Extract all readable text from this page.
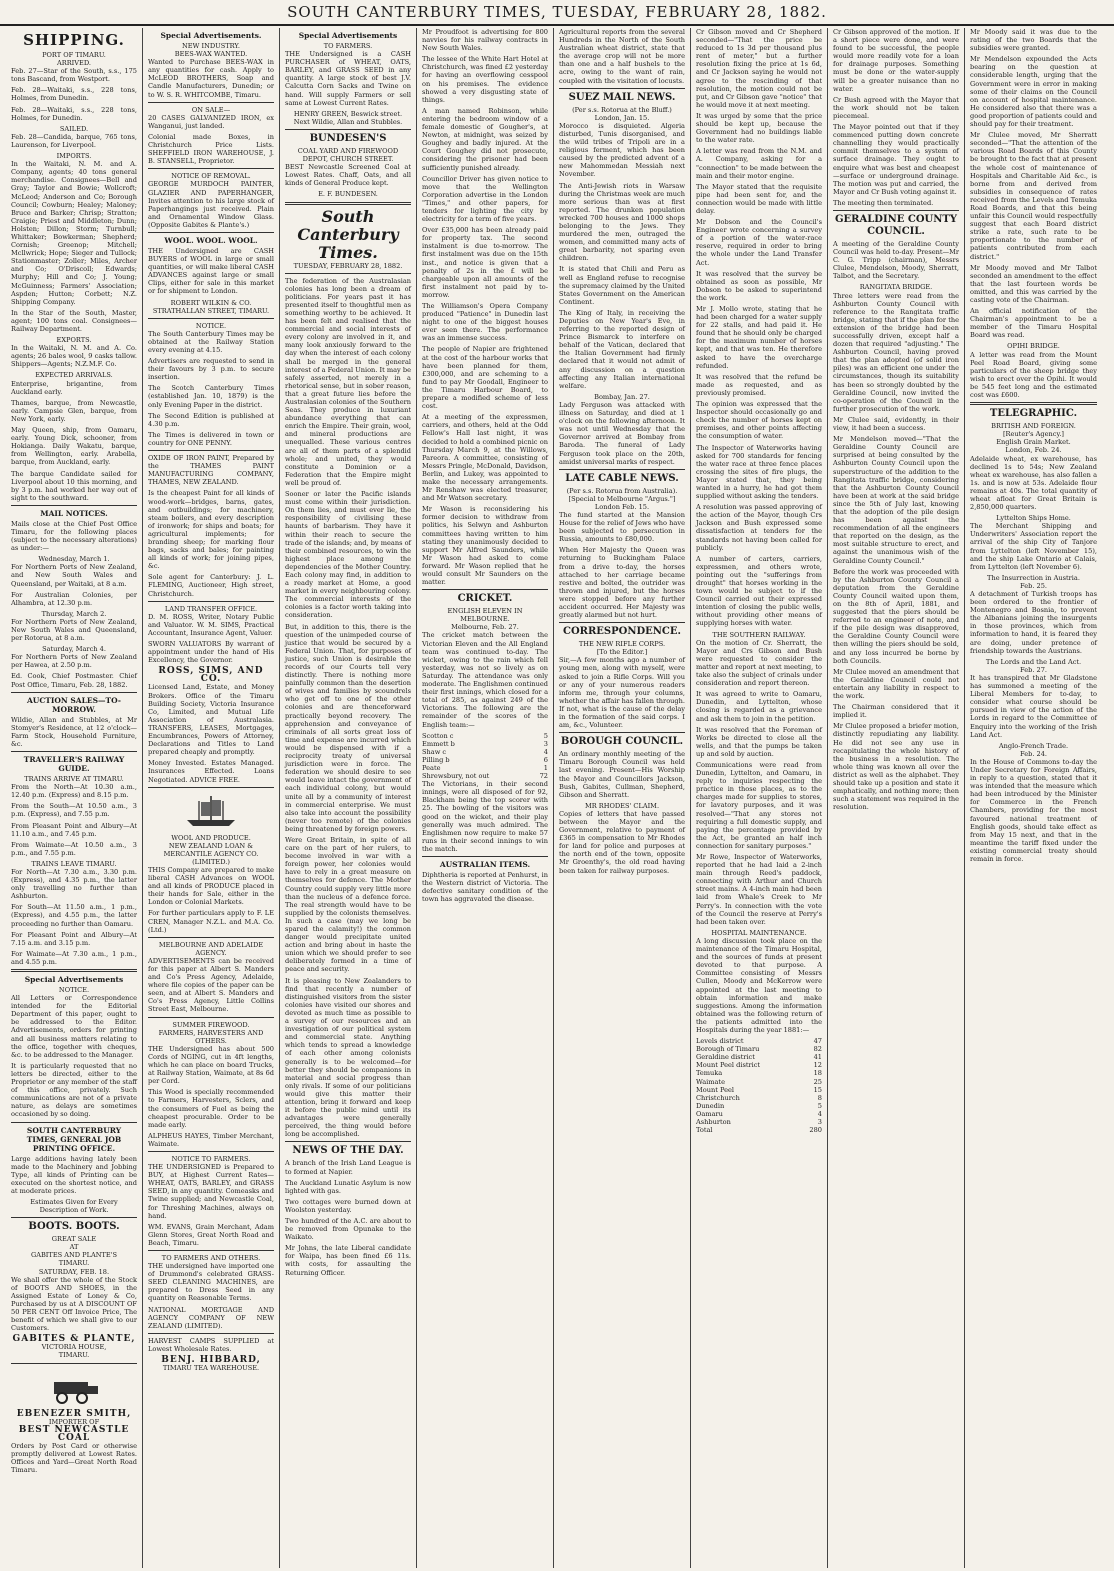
SOUTH CANTERBURY TIMES, TUESDAY, FEBRUARY 28, 1882.
SHIPPING.
PORT OF TIMARU.
ARRIVED.
Feb. 27—Star of the South, s.s., 175 tons Bascand, from Westport.
Feb. 28—Waitaki, s.s., 228 tons, Holmes, from Dunedin.
Feb. 28—Waitaki, s.s., 228 tons, Holmes, for Dunedin.
SAILED.
Feb. 28—Candida, barque, 765 tons, Laurenson, for Liverpool.
IMPORTS.
In the Waitaki, N. M. and A. Company, agents; 40 tons general merchandise. Consignees—Bell and Gray; Taylor and Bowie; Wollcroft; McLeod; Anderson and Co; Borough Council; Cowburn; Healey; Maloney; Bruce and Barker; Chrisp; Stratton; Craigie; Priest and Middleton; Dunn; Holsten; Dillon; Storm; Turnbull; Whittaker; Bowkerman; Shepherd; Cornish; Greenop; Mitchell; Mcllwrick; Hope; Sieger and Tullock; Stationmaster; Zoller; Miles, Archer and Co; O'Driscoll; Edwards; Murphy; Hill and Co; J. Young; McGuinness; Farmers' Association; Aspden; Hutton; Corbett; N.Z. Shipping Company.
In the Star of the South, Master, agent; 100 tons coal. Consignees—Railway Department.
EXPORTS.
In the Waitaki, N. M. and A. Co. agents; 26 bales wool, 9 casks tallow. Shippers—Agents; N.Z.M.F. Co.
EXPECTED ARRIVALS.
Enterprise, brigantine, from Auckland early.
Thames, barque, from Newcastle, early. Campsie Glen, barque, from New York, early.
May Queen, ship, from Oamaru, early. Young Dick, schooner, from Hokianga. Daily Wakatu, barque, from Wellington, early. Arabella, barque, from Auckland, early.
The barque Candidate sailed for Liverpool about 10 this morning, and by 3 p.m. had worked her way out of sight to the southward.
MAIL NOTICES.
Mails close at the Chief Post Office Timaru, for the following places (subject to the necessary alterations) as under:—
Wednesday, March 1.
For Northern Ports of New Zealand, and New South Wales and Queensland, per Waitaki, at 8 a.m.
For Australian Colonies, per Alhambra, at 12.30 p.m.
Thursday, March 2.
For Northern Ports of New Zealand, New South Wales and Queensland, per Rotorua, at 8 a.m.
Saturday, March 4.
For Northern Ports of New Zealand per Hawea, at 2.50 p.m.
Ed. Cook, Chief Postmaster. Chief Post Office, Timaru, Feb. 28, 1882.
AUCTION SALES—TO-MORROW.
Wildie, Allan and Stubbles, at Mr Stomyer's Residence, at 12 o'clock—Farm Stock, Household Furniture, &c.
TRAVELLER'S RAILWAY GUIDE.
TRAINS ARRIVE AT TIMARU.
From the North—At 10.30 a.m., 12.40 p.m. (Express) and 8.15 p.m.
From the South—At 10.50 a.m., 3 p.m. (Express), and 7.55 p.m.
From Pleasant Point and Albury—At 11.10 a.m., and 7.45 p.m.
From Waimate—At 10.50 a.m., 3 p.m., and 7.55 p.m.
TRAINS LEAVE TIMARU.
For North—At 7.30 a.m., 3.30 p.m. (Express), and 4.35 p.m., the latter only travelling no further than Ashburton.
For South—At 11.50 a.m., 1 p.m., (Express), and 4.55 p.m., the latter proceeding no further than Oamaru.
For Pleasant Point and Albury—At 7.15 a.m. and 3.15 p.m.
For Waimate—At 7.30 a.m., 1 p.m., and 4.55 p.m.
Special Advertisements
NOTICE.
All Letters or Correspondence intended for the Editorial Department of this paper, ought to be addressed to the Editor. Advertisements, orders for printing and all business matters relating to the office, together with cheques, &c. to be addressed to the Manager.
It is particularly requested that no letters be directed, either to the Proprietor or any member of the staff of this office, privately. Such communications are not of a private nature, as delays are sometimes occasioned by so doing.
SOUTH CANTERBURY TIMES, GENERAL JOB PRINTING OFFICE.
Large additions having lately been made to the Machinery and Jobbing Type, all kinds of Printing can be executed on the shortest notice, and at moderate prices.
Estimates Given for Every Description of Work.
BOOTS. BOOTS.
GREAT SALE
AT
GABITES AND PLANTE'S
TIMARU.
SATURDAY, FEB. 18.
We shall offer the whole of the Stock of BOOTS AND SHOES, in the Assigned Estate of Loney & Co, Purchased by us at A DISCOUNT OF 50 PER CENT Off Invoice Price, The benefit of which we shall give to our Customers.
GABITES & PLANTE,
VICTORIA HOUSE,
TIMARU.
EBENEZER SMITH,
IMPORTER OF
BEST NEWCASTLE COAL
Orders by Post Card or otherwise promptly delivered at Lowest Rates. Offices and Yard—Great North Road Timaru.
Special Advertisements.
NEW INDUSTRY.
BEES-WAX WANTED.
Wanted to Purchase BEES-WAX in any quantities for cash. Apply to McLEOD BROTHERS, Soap and Candle Manufacturers, Dunedin; or to W. S. R. WHITCOMBE, Timaru.
ON SALE—
20 CASES GALVANIZED IRON, ex Wanganui, just landed.
Colonial made Boxes, in Christchurch Price Lists. SHEFFIELD IRON WAREHOUSE, J. B. STANSELL, Proprietor.
NOTICE OF REMOVAL.
GEORGE MURDOCH PAINTER, GLAZIER AND PAPERHANGER, Invites attention to his large stock of Paperhangings just received. Plain and Ornamental Window Glass. (Opposite Gabites & Plante's.)
WOOL. WOOL. WOOL.
THE Undersigned are CASH BUYERS of WOOL in large or small quantities, or will make liberal CASH ADVANCES against large or small Clips, either for sale in this market or for shipment to London.
ROBERT WILKIN & CO. STRATHALLAN STREET, TIMARU.
NOTICE.
The South Canterbury Times may be obtained at the Railway Station every evening at 4.15.
Advertisers are requested to send in their favours by 3 p.m. to secure insertion.
The Scotch Canterbury Times (established Jan. 10, 1879) is the only Evening Paper in the district.
The Second Edition is published at 4.30 p.m.
The Times is delivered in town or country for ONE PENNY.
OXIDE OF IRON PAINT, Prepared by the THAMES PAINT MANUFACTURING COMPANY, THAMES, NEW ZEALAND.
Is the cheapest Paint for all kinds of wood-work—bridges, barns, gates, and outbuildings; for machinery, steam boilers, and every description of ironwork; for ships and boats; for agricultural implements; for branding sheep; for marking flour bags, sacks and bales; for painting all kinds of work; for joining pipes, &c.
Sole agent for Canterbury: J. L. FLEMING, Auctioneer, High street, Christchurch.
LAND TRANSFER OFFICE.
D. M. ROSS, Writer, Notary Public and Valuator. W. M. SIMS, Practical Accountant, Insurance Agent, Valuer.
SWORN VALUATORS By warrant of appointment under the hand of His Excellency, the Governor.
ROSS, SIMS, AND CO.
Licensed Land, Estate, and Money Brokers. Office of the Timaru Building Society, Victoria Insurance Co, Limited, and Mutual Life Association of Australasia. TRANSFERS, LEASES, Mortgages, Encumbrances, Powers of Attorney, Declarations and Titles to Land prepared cheaply and promptly.
Money Invested. Estates Managed. Insurances Effected. Loans Negotiated. ADVICE FREE.
WOOL AND PRODUCE.
NEW ZEALAND LOAN & MERCANTILE AGENCY CO. (LIMITED.)
THIS Company are prepared to make liberal CASH Advances on WOOL and all kinds of PRODUCE placed in their hands for Sale, either in the London or Colonial Markets.
For further particulars apply to F. LE CREN, Manager N.Z.L. and M.A. Co. (Ltd.)
MELBOURNE AND ADELAIDE AGENCY.
ADVERTISEMENTS can be received for this paper at Albert S. Manders and Co's Press Agency, Adelaide, where file copies of the paper can be seen, and at Albert S. Manders and Co's Press Agency, Little Collins Street East, Melbourne.
SUMMER FIREWOOD.
FARMERS, HARVESTERS AND OTHERS.
THE Undersigned has about 500 Cords of NGING, cut in 4ft lengths, which he can place on board Trucks, at Railway Station, Waimate, at 8s 6d per Cord.
This Wood is specially recommended to Farmers, Harvesters, Sclers, and the consumers of Fuel as being the cheapest procurable. Order to be made early.
ALPHEUS HAYES, Timber Merchant, Waimate.
NOTICE TO FARMERS.
THE UNDERSIGNED is Prepared to BUY, at Highest Current Rates—WHEAT, OATS, BARLEY, and GRASS SEED, in any quantity. Comeasks and Twine supplied; and Newcastle Coal, for Threshing Machines, always on hand.
WM. EVANS, Grain Merchant, Adam Glenn Stores, Great North Road and Beach, Timaru.
TO FARMERS AND OTHERS.
THE undersigned have imported one of Drummond's celebrated GRASS-SEED CLEANING MACHINES, are prepared to Dress Seed in any quantity on Reasonable Terms.
NATIONAL MORTGAGE AND AGENCY COMPANY OF NEW ZEALAND (LIMITED).
HARVEST CAMPS SUPPLIED at Lowest Wholesale Rates.
BENJ. HIBBARD,
TIMARU TEA WAREHOUSE.
Special Advertisements
TO FARMERS.
THE Undersigned is a CASH PURCHASER of WHEAT, OATS, BARLEY, and GRASS SEED in any quantity. A large stock of best J.V. Calcutta Corn Sacks and Twine on hand. Will supply Farmers or sell same at Lowest Current Rates.
HENRY GREEN, Beswick street. Next Wildie, Allan and Stubbles.
BUNDESEN'S
COAL YARD AND FIREWOOD DEPOT, CHURCH STREET.
BEST Newcastle Screened Coal at Lowest Rates. Chaff, Oats, and all kinds of General Produce kept.
E. F. BUNDESEN.
South Canterbury Times.
TUESDAY, FEBRUARY 28, 1882.
The federation of the Australasian colonies has long been a dream of politicians. For years past it has presented itself to thoughtful men as something worthy to be achieved. It has been felt and realised that the commercial and social interests of every colony are involved in it, and many look anxiously forward to the day when the interest of each colony shall be merged in the general interest of a Federal Union. It may be safely asserted, not merely in a rhetorical sense, but in sober reason, that a great future lies before the Australasian colonies of the Southern Seas. They produce in luxuriant abundance everything that can enrich the Empire. Their grain, wool, and mineral productions are unequalled. These various centres are all of them parts of a splendid whole; and united, they would constitute a Dominion or a Federation that the Empire might well be proud of.
Sooner or later the Pacific islands must come within their jurisdiction. On them lies, and must ever lie, the responsibility of civilising these haunts of barbarism. They have it within their reach to secure the trade of the islands; and, by means of their combined resources, to win the highest place among the dependencies of the Mother Country. Each colony may find, in addition to a ready market at Home, a good market in every neighbouring colony. The commercial interests of the colonies is a factor worth taking into consideration.
But, in addition to this, there is the question of the unimpeded course of justice that would be secured by a Federal Union. That, for purposes of justice, such Union is desirable the records of our Courts tell very distinctly. There is nothing more painfully common than the desertion of wives and families by scoundrels who get off to one of the other colonies and are thenceforward practically beyond recovery. The apprehension and conveyance of criminals of all sorts great loss of time and expense are incurred which would be dispensed with if a reciprocity treaty of universal jurisdiction were in force. The federation we should desire to see would leave intact the government of each individual colony, but would unite all by a community of interest in commercial enterprise. We must also take into account the possibility (never too remote) of the colonies being threatened by foreign powers.
Were Great Britain, in spite of all care on the part of her rulers, to become involved in war with a foreign power, her colonies would have to rely in a great measure on themselves for defence. The Mother Country could supply very little more than the nucleus of a defence force. The real strength would have to be supplied by the colonists themselves. In such a case (may we long be spared the calamity!) the common danger would precipitate united action and bring about in haste the union which we should prefer to see deliberately formed in a time of peace and security.
It is pleasing to New Zealanders to find that recently a number of distinguished visitors from the sister colonies have visited our shores and devoted as much time as possible to a survey of our resources and an investigation of our political system and commercial state. Anything which tends to spread a knowledge of each other among colonists generally is to be welcomed—for better they should be companions in material and social progress than only rivals. If some of our politicians would give this matter their attention, bring it forward and keep it before the public mind until its advantages were generally perceived, the thing would before long be accomplished.
NEWS OF THE DAY.
A branch of the Irish Land League is to formed at Napier.
The Auckland Lunatic Asylum is now lighted with gas.
Two cottages were burned down at Woolston yesterday.
Two hundred of the A.C. are about to be removed from Opunake to the Waikato.
Mr Johns, the late Liberal candidate for Waipa, has been fined £6 11s. with costs, for assaulting the Returning Officer.
Mr Proudfoot is advertising for 800 navvies for his railway contracts in New South Wales.
The lessee of the White Hart Hotel at Christchurch, was fined £2 yesterday for having an overflowing cesspool on his premises. The evidence showed a very disgusting state of things.
A man named Robinson, while entering the bedroom window of a female domestic of Gougher's, at Newton, at midnight, was seized by Goughey and badly injured. At the Court Goughey did not prosecute, considering the prisoner had been sufficiently punished already.
Councillor Driver has given notice to move that the Wellington Corporation advertise in the London "Times," and other papers, for tenders for lighting the city by electricity for a term of five years.
Over £35,000 has been already paid for property tax. The second instalment is due to-morrow. The first instalment was due on the 15th inst., and notice is given that a penalty of 2s in the £ will be chargeable upon all amounts of the first instalment not paid by to-morrow.
The Williamson's Opera Company produced "Patience" in Dunedin last night to one of the biggest houses ever seen there. The performance was an immense success.
The people of Napier are frightened at the cost of the harbour works that have been planned for them, £300,000, and are scheming to a fund to pay Mr Goodall, Engineer to the Timaru Harbour Board, to prepare a modified scheme of less cost.
At a meeting of the expressmen, carriers, and others, held at the Odd Fellow's Hall last night, it was decided to hold a combined picnic on Thursday March 9, at the Willows, Pareora. A committee, consisting of Messrs Pringle, McDonald, Davidson, Berlin, and Lukey, was appointed to make the necessary arrangements. Mr Renshaw was elected treasurer, and Mr Watson secretary.
Mr Wason is reconsidering his former decision to withdraw from politics, his Selwyn and Ashburton committees having written to him stating they unanimously decided to support Mr Alfred Saunders, while Mr Wason had asked to come forward. Mr Wason replied that he would consult Mr Saunders on the matter.
CRICKET.
ENGLISH ELEVEN IN MELBOURNE.
Melbourne, Feb. 27.
The cricket match between the Victorian Eleven and the All England team was continued to-day. The wicket, owing to the rain which fell yesterday, was not so lively as on Saturday. The attendance was only moderate. The Englishmen continued their first innings, which closed for a total of 285, as against 249 of the Victorians. The following are the remainder of the scores of the English team:—
Scotton c	5
Emmett b	3
Shaw c	4
Pilling b	6
Peate	1
Shrewsbury, not out	72
The Victorians, in their second innings, were all disposed of for 92, Blackham being the top scorer with 25. The bowling of the visitors was good on the wicket, and their play generally was much admired. The Englishmen now require to make 57 runs in their second innings to win the match.
AUSTRALIAN ITEMS.
Diphtheria is reported at Penhurst, in the Western district of Victoria. The defective sanitary condition of the town has aggravated the disease.
Agricultural reports from the several Hundreds in the North of the South Australian wheat district, state that the average crop will not be more than one and a half bushels to the acre, owing to the want of rain, coupled with the visitation of locusts.
SUEZ MAIL NEWS.
(Per s.s. Rotorua at the Bluff.)
London, Jan. 15.
Morocco is disquieted. Algeria disturbed, Tunis disorganised, and the wild tribes of Tripoli are in a religious ferment, which has been caused by the predicted advent of a new Mahommedan Messiah next November.
The Anti-Jewish riots in Warsaw during the Christmas week are much more serious than was at first reported. The drunken population wrecked 700 houses and 1000 shops belonging to the Jews. They murdered the men, outraged the women, and committed many acts of great barbarity, not sparing even children.
It is stated that Chili and Peru as well as England refuse to recognise the supremacy claimed by the United States Government on the American Continent.
The King of Italy, in receiving the Deputies on New Year's Eve, in referring to the reported design of Prince Bismarck to interfere on behalf of the Vatican, declared that the Italian Government had firmly declared that it would not admit of any discussion on a question affecting any Italian international welfare.
Bombay, Jan. 27.
Lady Ferguson was attacked with illness on Saturday, and died at 1 o'clock on the following afternoon. It was not until Wednesday that the Governor arrived at Bombay from Baroda. The funeral of Lady Ferguson took place on the 20th, amidst universal marks of respect.
LATE CABLE NEWS.
(Per s.s. Rotorua from Australia).
[Special to Melbourne "Argus."]
London Feb. 15.
The fund started at the Mansion House for the relief of Jews who have been subjected to persecution in Russia, amounts to £80,000.
When Her Majesty the Queen was returning to Buckingham Palace from a drive to-day, the horses attached to her carriage became restive and bolted, the outrider was thrown and injured, but the horses were stopped before any further accident occurred. Her Majesty was greatly alarmed but not hurt.
CORRESPONDENCE.
THE NEW RIFLE CORPS.
[To the Editor.]
Sir,—A few months ago a number of young men, along with myself, were asked to join a Rifle Corps. Will you or any of your numerous readers inform me, through your columns, whether the affair has fallen through. If not, what is the cause of the delay in the formation of the said corps. I am, &c., Volunteer.
BOROUGH COUNCIL.
An ordinary monthly meeting of the Timaru Borough Council was held last evening. Present—His Worship the Mayor and Councillors Jackson, Bush, Gabites, Cullman, Shepherd, Gibson and Sherratt.
MR RHODES' CLAIM.
Copies of letters that have passed between the Mayor and the Government, relative to payment of £365 in compensation to Mr Rhodes for land for police and purposes at the north end of the town, opposite Mr Groenthy's, the old road having been taken for railway purposes.
Cr Gibson moved and Cr Shepherd seconded—"That the price be reduced to 1s 3d per thousand plus rent of meter," but a further resolution fixing the price at 1s 6d, and Cr Jackson saying he would not agree to the rescinding of that resolution, the motion could not be put, and Cr Gibson gave "notice" that he would move it at next meeting.
It was urged by some that the price should be kept up, because the Government had no buildings liable to the water rate.
A letter was read from the N.M. and A. Company, asking for a "connection" to be made between the main and their motor engine.
The Mayor stated that the requisite pipe had been sent for, and the connection would be made with little delay.
Mr Dobson and the Council's Engineer wrote concerning a survey of a portion of the water-race reserve, required in order to bring the whole under the Land Transfer Act.
It was resolved that the survey be obtained as soon as possible, Mr Dobson to be asked to superintend the work.
Mr J. Mollo wrote, stating that he had been charged for a water supply for 22 stalls, and had paid it. He found that he should only be charged for the maximum number of horses kept, and that was ten. He therefore asked to have the overcharge refunded.
It was resolved that the refund be made as requested, and as previously promised.
The opinion was expressed that the Inspector should occasionally go and check the number of horses kept on premises, and other points affecting the consumption of water.
The Inspector of Waterworks having asked for 700 standards for fencing the water race at three fence places crossing the sites of fire plugs, the Mayor stated that, they being wanted in a hurry, he had got them supplied without asking the tenders.
A resolution was passed approving of the action of the Mayor, though Crs Jackson and Bush expressed some dissatisfaction at tenders for the standards not having been called for publicly.
A number of carters, carriers, expressmen, and others wrote, pointing out the "sufferings from drought" that horses working in the town would be subject to if the Council carried out their expressed intention of closing the public wells, without providing other means of supplying horses with water.
THE SOUTHERN RAILWAY.
On the motion of Cr. Sherratt, the Mayor and Crs Gibson and Bush were requested to consider the matter and report at next meeting, to take also the subject of crinals under consideration and report thereon.
It was agreed to write to Oamaru, Dunedin, and Lyttelton, whose closing is regarded as a grievance and ask them to join in the petition.
It was resolved that the Foreman of Works be directed to close all the wells, and that the pumps be taken up and sold by auction.
Communications were read from Dunedin, Lyttelton, and Oamaru, in reply to inquiries respecting the practice in those places, as to the charges made for supplies to stores, for lavatory purposes, and it was resolved—"That any stores not requiring a full domestic supply, and paying the percentage provided by the Act, be granted an half inch connection for sanitary purposes."
Mr Rowe, Inspector of Waterworks, reported that he had laid a 2-inch main through Reed's paddock, connecting with Arthur and Church street mains. A 4-inch main had been laid from Whale's Creek to Mr Perry's. In connection with the vote of the Council the reserve at Perry's had been taken over.
HOSPITAL MAINTENANCE.
A long discussion took place on the maintenance of the Timaru Hospital, and the sources of funds at present devoted to that purpose. A Committee consisting of Messrs Cullen, Moody and McKerrow were appointed at the last meeting to obtain information and make suggestions. Among the information obtained was the following return of the patients admitted into the Hospitals during the year 1881:—
Levels district	47
Borough of Timaru	82
Geraldine district	41
Mount Peel district	12
Temuka	18
Waimate	25
Mount Peel	15
Christchurch	8
Dunedin	5
Oamaru	4
Ashburton	3
Total	280
Cr Gibson approved of the motion. If a short piece were done, and were found to be successful, the people would more readily vote for a loan for drainage purposes. Something must be done or the water-supply will be a greater nuisance than no water.
Cr Bush agreed with the Mayor that the work should not be taken piecemeal.
The Mayor pointed out that if they commenced putting down concrete channelling they would practically commit themselves to a system of surface drainage. They ought to enquire what was best and cheapest—surface or underground drainage. The motion was put and carried, the Mayor and Cr Bush voting against it.
The meeting then terminated.
GERALDINE COUNTY COUNCIL.
A meeting of the Geraldine County Council was held to-day. Present—Mr C. G. Tripp (chairman), Messrs Clulee, Mendelson, Moody, Sherratt, Talbot, and the Secretary.
RANGITATA BRIDGE.
Three letters were read from the Ashburton County Council with reference to the Rangitata traffic bridge, stating that if the plan for the extension of the bridge had been successfully driven, except half a dozen that required "adjusting." The Ashburton Council, having proved that the plan adopted (of solid iron piles) was an efficient one under the circumstances, though its suitability has been so strongly doubted by the Geraldine Council, now invited the co-operation of the Council in the further prosecution of the work.
Mr Clulee said, evidently, in their view, it had been a success.
Mr Mendelson moved—"That the Geraldine County Council are surprised at being consulted by the Ashburton County Council upon the superstructure of the addition to the Rangitata traffic bridge, considering that the Ashburton County Council have been at work at the said bridge since the 5th of July last, knowing that the adoption of the pile design has been against the recommendation of all the engineers that reported on the design, as the most suitable structure to erect, and against the unanimous wish of the Geraldine County Council."
Before the work was proceeded with by the Ashburton County Council a deputation from the Geraldine County Council waited upon them, on the 8th of April, 1881, and suggested that the piers should be referred to an engineer of note, and if the pile design was disapproved, the Geraldine County Council were then willing the piers should be sold, and any loss incurred be borne by both Councils.
Mr Clulee moved an amendment that the Geraldine Council could not entertain any liability in respect to the work.
The Chairman considered that it implied it.
Mr Clulee proposed a briefer motion, distinctly repudiating any liability. He did not see any use in recapitulating the whole history of the business in a resolution. The whole thing was known all over the district as well as the alphabet. They should take up a position and state it emphatically, and nothing more; then such a statement was required in the resolution.
Mr Moody said it was due to the rating of the two Boards that the subsidies were granted.
Mr Mendelson expounded the Acts bearing on the question at considerable length, urging that the Government were in error in making some of their claims on the Council on account of hospital maintenance. He considered also that there was a good proportion of patients could and should pay for their treatment.
Mr Clulee moved, Mr Sherratt seconded—"That the attention of the various Road Boards of this County be brought to the fact that at present the whole cost of maintenance of Hospitals and Charitable Aid &c., is borne from and derived from subsidies in consequence of rates received from the Levels and Temuka Road Boards, and that this being unfair this Council would respectfully suggest that each Board district strike a rate, such rate to be proportionate to the number of patients contributed from each district."
Mr Moody moved and Mr Talbot seconded an amendment to the effect that the last fourteen words be omitted, and this was carried by the casting vote of the Chairman.
An official notification of the Chairman's appointment to be a member of the Timaru Hospital Board was read.
OPIHI BRIDGE.
A letter was read from the Mount Peel Road Board, giving some particulars of the sheep bridge they wish to erect over the Opihi. It would be 545 feet long and the estimated cost was £600.
TELEGRAPHIC.
BRITISH AND FOREIGN.
[Reuter's Agency.]
English Grain Market.
London, Feb. 24.
Adelaide wheat, ex warehouse, has declined 1s to 54s; New Zealand wheat ex warehouse, has also fallen a 1s. and is now at 53s. Adelaide flour remains at 40s. The total quantity of wheat afloat for Great Britain is 2,850,000 quarters.
Lyttelton Ships Home.
The Merchant Shipping and Underwriters' Association report the arrival of the ship City of Tanjore from Lyttelton (left November 15), and the ship Lake Ontario at Calais, from Lyttelton (left November 6).
The Insurrection in Austria.
Feb. 25.
A detachment of Turkish troops has been ordered to the frontier of Montenegro and Bosnia, to prevent the Albanians joining the insurgents in those provinces, which from information to hand, it is feared they are doing, under pretence of friendship towards the Austrians.
The Lords and the Land Act.
Feb. 27.
It has transpired that Mr Gladstone has summoned a meeting of the Liberal Members for to-day, to consider what course should be pursued in view of the action of the Lords in regard to the Committee of Enquiry into the working of the Irish Land Act.
Anglo-French Trade.
Feb. 24.
In the House of Commons to-day the Under Secretary for Foreign Affairs, in reply to a question, stated that it was intended that the measure which had been introduced by the Minister for Commerce in the French Chambers, providing for the most favoured national treatment of English goods, should take effect as from May 15 next, and that in the meantime the tariff fixed under the existing commercial treaty should remain in force.
